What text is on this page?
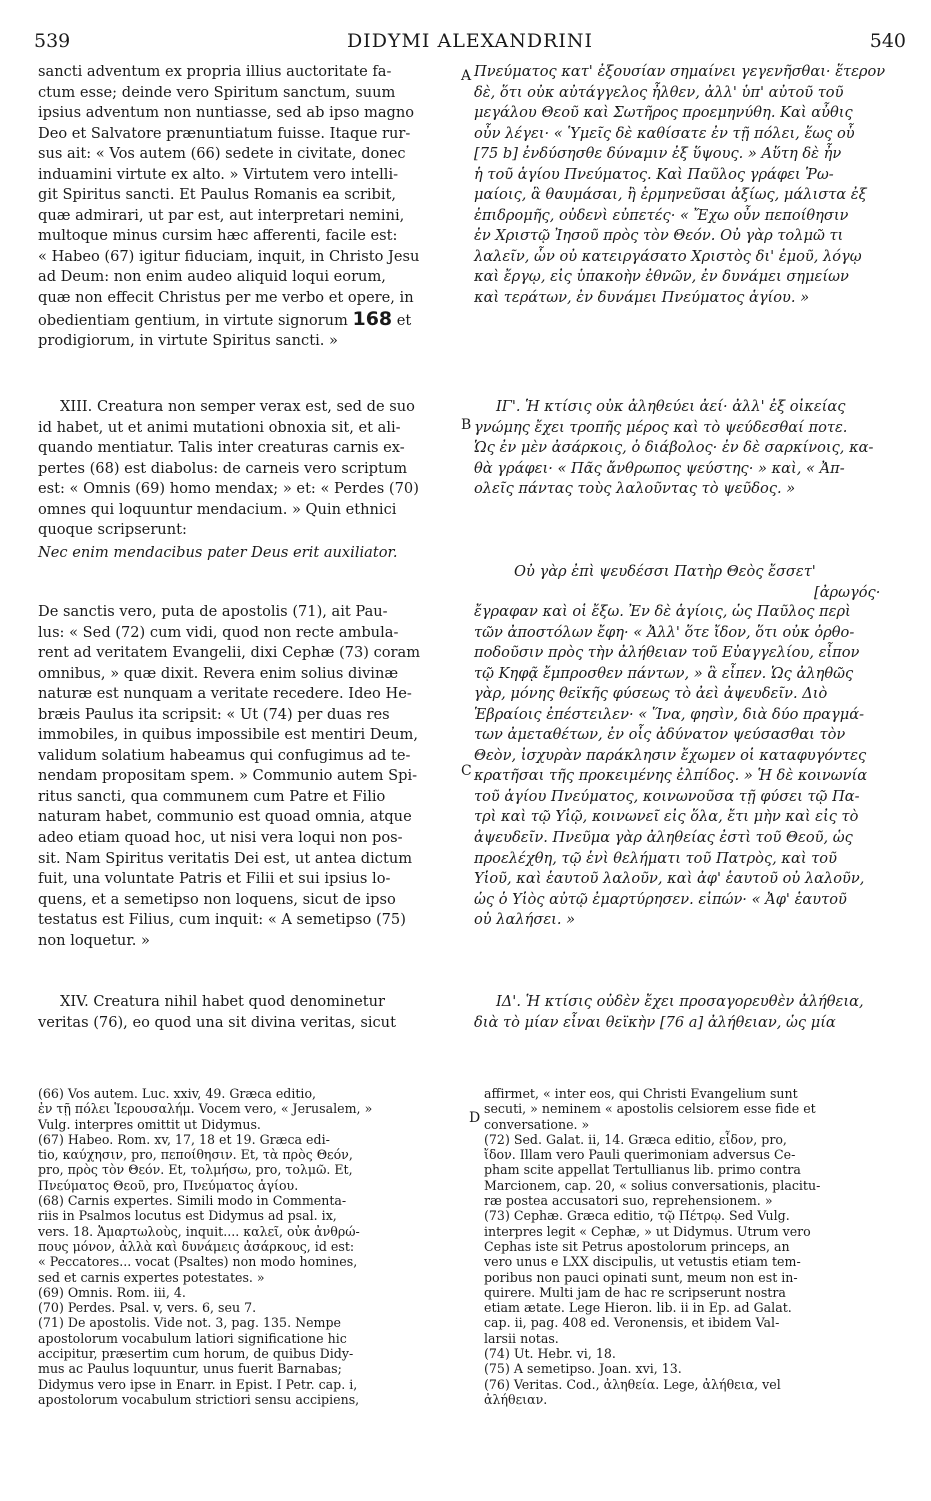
539	DIDYMI ALEXANDRINI	540
A
B
C
D
sancti adventum ex propria illius auctoritate fa-
ctum esse; deinde vero Spiritum sanctum, suum
ipsius adventum non nuntiasse, sed ab ipso magno
Deo et Salvatore prænuntiatum fuisse. Itaque rur-
sus ait: « Vos autem (66) sedete in civitate, donec
induamini virtute ex alto. » Virtutem vero intelli-
git Spiritus sancti. Et Paulus Romanis ea scribit,
quæ admirari, ut par est, aut interpretari nemini,
multoque minus cursim hæc afferenti, facile est:
« Habeo (67) igitur fiduciam, inquit, in Christo Jesu
ad Deum: non enim audeo aliquid loqui eorum,
quæ non effecit Christus per me verbo et opere, in
obedientiam gentium, in virtute signorum 168 et
prodigiorum, in virtute Spiritus sancti. »
XIII. Creatura non semper verax est, sed de suo
id habet, ut et animi mutationi obnoxia sit, et ali-
quando mentiatur. Talis inter creaturas carnis ex-
pertes (68) est diabolus: de carneis vero scriptum
est: « Omnis (69) homo mendax; » et: « Perdes (70)
omnes qui loquuntur mendacium. » Quin ethnici
quoque scripserunt:
Nec enim mendacibus pater Deus erit auxiliator.
De sanctis vero, puta de apostolis (71), ait Pau-
lus: « Sed (72) cum vidi, quod non recte ambula-
rent ad veritatem Evangelii, dixi Cephæ (73) coram
omnibus, » quæ dixit. Revera enim solius divinæ
naturæ est nunquam a veritate recedere. Ideo He-
bræis Paulus ita scripsit: « Ut (74) per duas res
immobiles, in quibus impossibile est mentiri Deum,
validum solatium habeamus qui confugimus ad te-
nendam propositam spem. » Communio autem Spi-
ritus sancti, qua communem cum Patre et Filio
naturam habet, communio est quoad omnia, atque
adeo etiam quoad hoc, ut nisi vera loqui non pos-
sit. Nam Spiritus veritatis Dei est, ut antea dictum
fuit, una voluntate Patris et Filii et sui ipsius lo-
quens, et a semetipso non loquens, sicut de ipso
testatus est Filius, cum inquit: « A semetipso (75)
non loquetur. »
XIV. Creatura nihil habet quod denominetur
veritas (76), eo quod una sit divina veritas, sicut
Πνεύματος κατ' ἐξουσίαν σημαίνει γεγενῆσθαι· ἕτερον
δὲ, ὅτι οὐκ αὐτάγγελος ἦλθεν, ἀλλ' ὑπ' αὐτοῦ τοῦ
μεγάλου Θεοῦ καὶ Σωτῆρος προεμηνύθη. Καὶ αὖθις
οὖν λέγει· « Ὑμεῖς δὲ καθίσατε ἐν τῇ πόλει, ἕως οὗ
[75 b] ἐνδύσησθε δύναμιν ἐξ ὕψους. » Αὕτη δὲ ἦν
ἡ τοῦ ἁγίου Πνεύματος. Καὶ Παῦλος γράφει Ῥω-
μαίοις, ἃ θαυμάσαι, ἢ ἑρμηνεῦσαι ἀξίως, μάλιστα ἐξ
ἐπιδρομῆς, οὐδενὶ εὐπετές· « Ἔχω οὖν πεποίθησιν
ἐν Χριστῷ Ἰησοῦ πρὸς τὸν Θεόν. Οὐ γὰρ τολμῶ τι
λαλεῖν, ὧν οὐ κατειργάσατο Χριστὸς δι' ἐμοῦ, λόγῳ
καὶ ἔργῳ, εἰς ὑπακοὴν ἐθνῶν, ἐν δυνάμει σημείων
καὶ τεράτων, ἐν δυνάμει Πνεύματος ἁγίου. »
ΙΓ'. Ἡ κτίσις οὐκ ἀληθεύει ἀεί· ἀλλ' ἐξ οἰκείας
γνώμης ἔχει τροπῆς μέρος καὶ τὸ ψεύδεσθαί ποτε.
Ὡς ἐν μὲν ἀσάρκοις, ὁ διάβολος· ἐν δὲ σαρκίνοις, κα-
θὰ γράφει· « Πᾶς ἄνθρωπος ψεύστης· » καὶ, « Ἀπ-
ολεῖς πάντας τοὺς λαλοῦντας τὸ ψεῦδος. »
Οὐ γὰρ ἐπὶ ψευδέσσι Πατὴρ Θεὸς ἔσσετ'
[ἀρωγός·
ἔγραφαν καὶ οἱ ἔξω. Ἐν δὲ ἁγίοις, ὡς Παῦλος περὶ
τῶν ἀποστόλων ἔφη· « Ἀλλ' ὅτε ἴδον, ὅτι οὐκ ὀρθο-
ποδοῦσιν πρὸς τὴν ἀλήθειαν τοῦ Εὐαγγελίου, εἶπον
τῷ Κηφᾷ ἔμπροσθεν πάντων, » ἃ εἶπεν. Ὡς ἀληθῶς
γὰρ, μόνης θεϊκῆς φύσεως τὸ ἀεὶ ἀψευδεῖν. Διὸ
Ἑβραίοις ἐπέστειλεν· « Ἵνα, φησὶν, διὰ δύο πραγμά-
των ἀμεταθέτων, ἐν οἷς ἀδύνατον ψεύσασθαι τὸν
Θεὸν, ἰσχυρὰν παράκλησιν ἔχωμεν οἱ καταφυγόντες
κρατῆσαι τῆς προκειμένης ἐλπίδος. » Ἡ δὲ κοινωνία
τοῦ ἁγίου Πνεύματος, κοινωνοῦσα τῇ φύσει τῷ Πα-
τρὶ καὶ τῷ Υἱῷ, κοινωνεῖ εἰς ὅλα, ἔτι μὴν καὶ εἰς τὸ
ἀψευδεῖν. Πνεῦμα γὰρ ἀληθείας ἐστὶ τοῦ Θεοῦ, ὡς
προελέχθη, τῷ ἑνὶ θελήματι τοῦ Πατρὸς, καὶ τοῦ
Υἱοῦ, καὶ ἑαυτοῦ λαλοῦν, καὶ ἀφ' ἑαυτοῦ οὐ λαλοῦν,
ὡς ὁ Υἱὸς αὐτῷ ἐμαρτύρησεν. εἰπών· « Ἀφ' ἑαυτοῦ
οὐ λαλήσει. »
ΙΔ'. Ἡ κτίσις οὐδὲν ἔχει προσαγορευθὲν ἀλήθεια,
διὰ τὸ μίαν εἶναι θεϊκὴν [76 a] ἀλήθειαν, ὡς μία
(66) Vos autem. Luc. xxiv, 49. Græca editio,
ἐν τῇ πόλει Ἱερουσαλήμ. Vocem vero, « Jerusalem, »
Vulg. interpres omittit ut Didymus.
(67) Habeo. Rom. xv, 17, 18 et 19. Græca edi-
tio, καύχησιν, pro, πεποίθησιν. Et, τὰ πρὸς Θεόν,
pro, πρὸς τὸν Θεόν. Et, τολμήσω, pro, τολμῶ. Et,
Πνεύματος Θεοῦ, pro, Πνεύματος ἁγίου.
(68) Carnis expertes. Simili modo in Commenta-
riis in Psalmos locutus est Didymus ad psal. ix,
vers. 18. Ἁμαρτωλοὺς, inquit.... καλεῖ, οὐκ ἀνθρώ-
πους μόνον, ἀλλὰ καὶ δυνάμεις ἀσάρκους, id est:
« Peccatores... vocat (Psaltes) non modo homines,
sed et carnis expertes potestates. »
(69) Omnis. Rom. iii, 4.
(70) Perdes. Psal. v, vers. 6, seu 7.
(71) De apostolis. Vide not. 3, pag. 135. Nempe
apostolorum vocabulum latiori significatione hic
accipitur, præsertim cum horum, de quibus Didy-
mus ac Paulus loquuntur, unus fuerit Barnabas;
Didymus vero ipse in Enarr. in Epist. I Petr. cap. i,
apostolorum vocabulum strictiori sensu accipiens,
affirmet, « inter eos, qui Christi Evangelium sunt
secuti, » neminem « apostolis celsiorem esse fide et
conversatione. »
(72) Sed. Galat. ii, 14. Græca editio, εἶδον, pro,
ἴδον. Illam vero Pauli querimoniam adversus Ce-
pham scite appellat Tertullianus lib. primo contra
Marcionem, cap. 20, « solius conversationis, placitu-
ræ postea accusatori suo, reprehensionem. »
(73) Cephæ. Græca editio, τῷ Πέτρῳ. Sed Vulg.
interpres legit « Cephæ, » ut Didymus. Utrum vero
Cephas iste sit Petrus apostolorum princeps, an
vero unus e LXX discipulis, ut vetustis etiam tem-
poribus non pauci opinati sunt, meum non est in-
quirere. Multi jam de hac re scripserunt nostra
etiam ætate. Lege Hieron. lib. ii in Ep. ad Galat.
cap. ii, pag. 408 ed. Veronensis, et ibidem Val-
larsii notas.
(74) Ut. Hebr. vi, 18.
(75) A semetipso. Joan. xvi, 13.
(76) Veritas. Cod., ἀληθεία. Lege, ἀλήθεια, vel
ἀλήθειαν.
